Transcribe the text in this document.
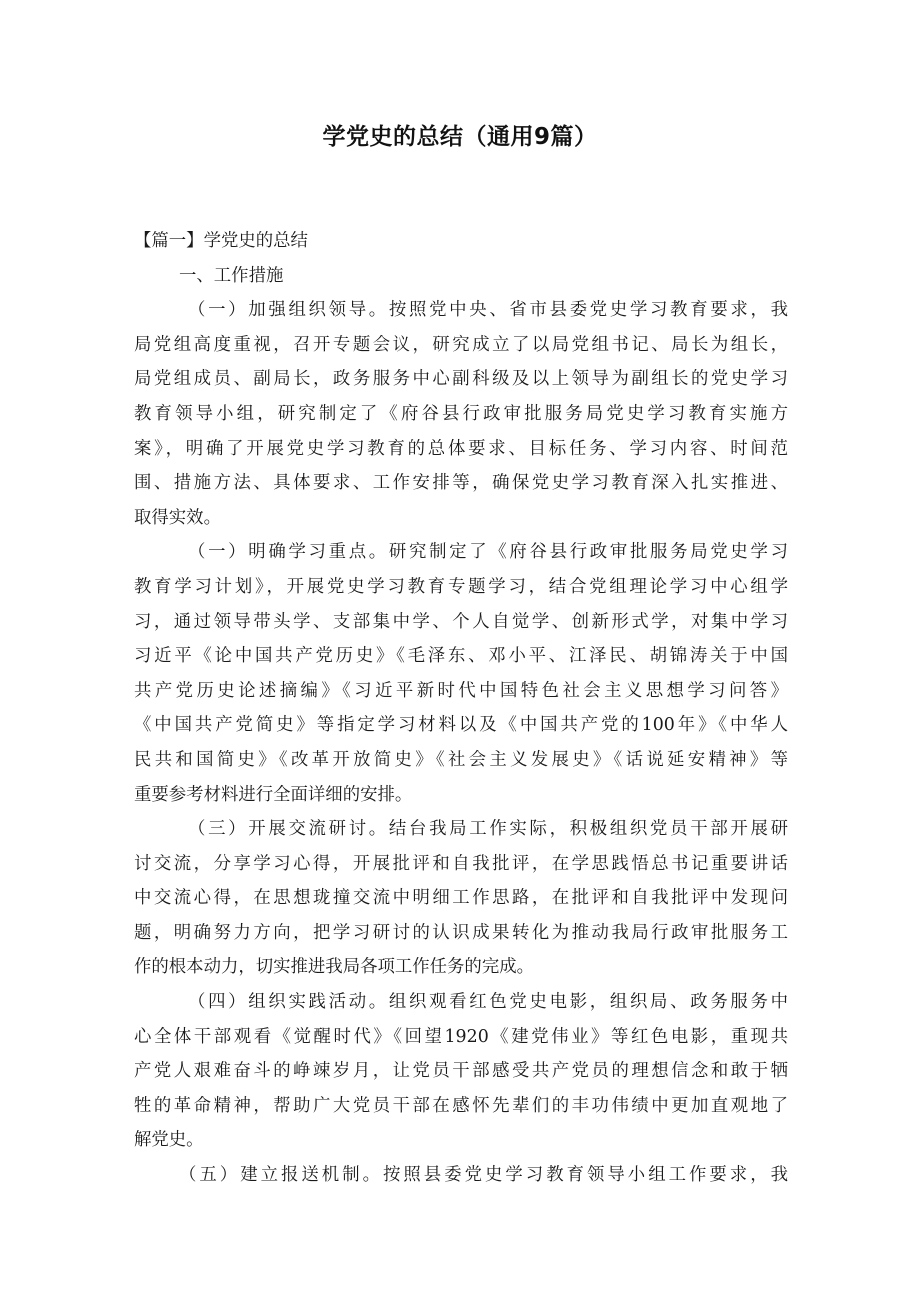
学党史的总结（通用9篇）

【篇一】学党史的总结

一、工作措施

（一）加强组织领导。按照党中央、省市县委党史学习教育要求，我

局党组高度重视，召开专题会议，研究成立了以局党组书记、局长为组长，

局党组成员、副局长，政务服务中心副科级及以上领导为副组长的党史学习

教育领导小组，研究制定了《府谷县行政审批服务局党史学习教育实施方

案》，明确了开展党史学习教育的总体要求、目标任务、学习内容、时间范

围、措施方法、具体要求、工作安排等，确保党史学习教育深入扎实推进、

取得实效。

（一）明确学习重点。研究制定了《府谷县行政审批服务局党史学习

教育学习计划》，开展党史学习教育专题学习，结合党组理论学习中心组学

习，通过领导带头学、支部集中学、个人自觉学、创新形式学，对集中学习

习近平《论中国共产党历史》《毛泽东、邓小平、江泽民、胡锦涛关于中国

共产党历史论述摘编》《习近平新时代中国特色社会主义思想学习问答》

《中国共产党简史》等指定学习材料以及《中国共产党的100年》《中华人

民共和国简史》《改革开放简史》《社会主义发展史》《话说延安精神》等

重要参考材料进行全面详细的安排。

（三）开展交流研讨。结台我局工作实际，积极组织党员干部开展研

讨交流，分享学习心得，开展批评和自我批评，在学思践悟总书记重要讲话

中交流心得，在思想珑撞交流中明细工作思路，在批评和自我批评中发现问

题，明确努力方向，把学习研讨的认识成果转化为推动我局行政审批服务工

作的根本动力，切实推进我局各项工作任务的完成。

（四）组织实践活动。组织观看红色党史电影，组织局、政务服务中

心全体干部观看《觉醒时代》《回望1920《建党伟业》等红色电影，重现共

产党人艰难奋斗的峥竦岁月，让党员干部感受共产党员的理想信念和敢于牺

牲的革命精神，帮助广大党员干部在感怀先辈们的丰功伟绩中更加直观地了

解党史。

（五）建立报送机制。按照县委党史学习教育领导小组工作要求，我
